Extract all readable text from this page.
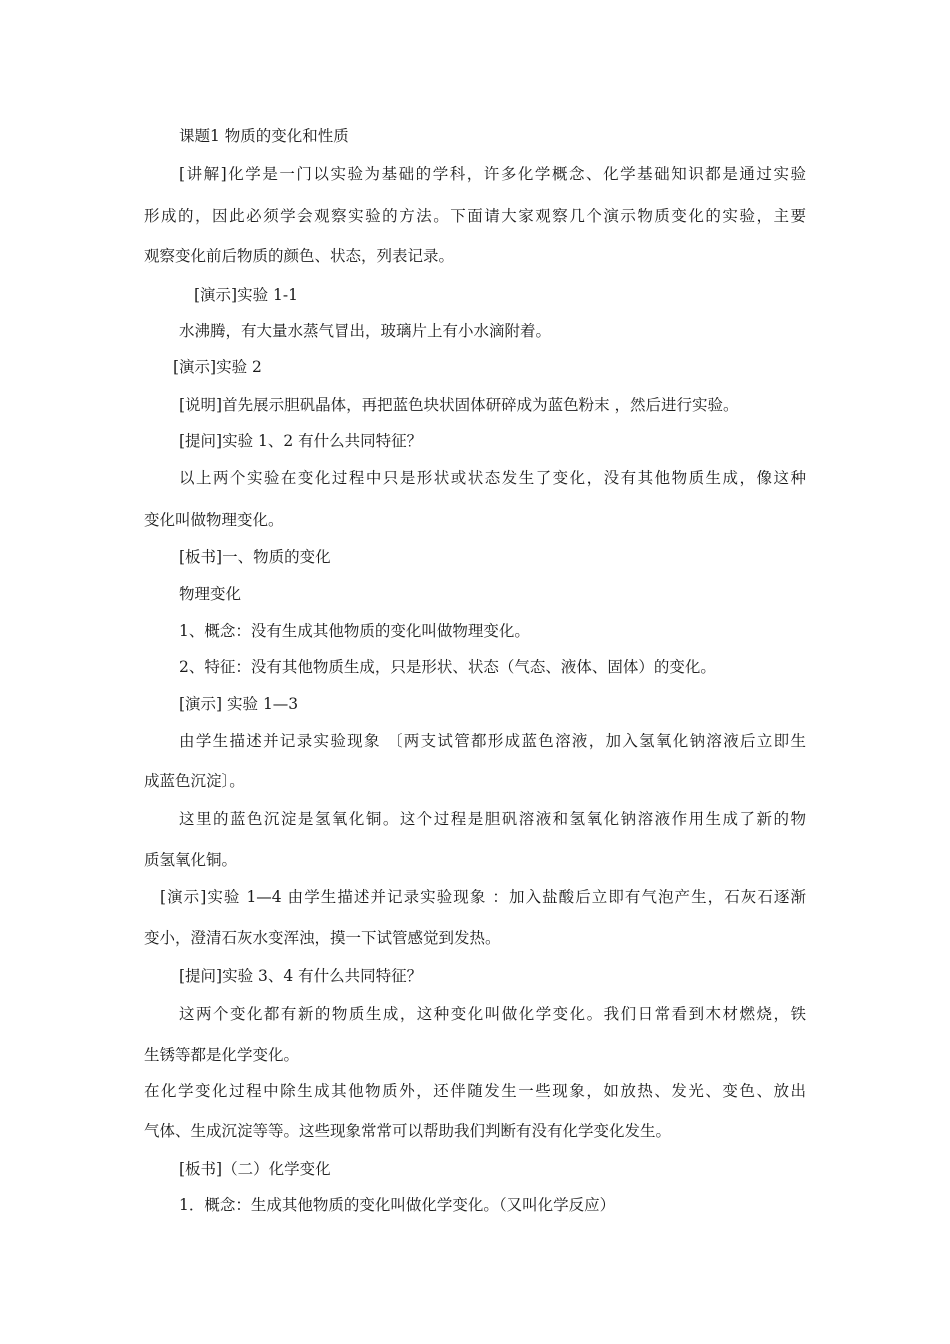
课题1 物质的变化和性质
[讲解]化学是一门以实验为基础的学科，许多化学概念、化学基础知识都是通过实验
形成的，因此必须学会观察实验的方法。下面请大家观察几个演示物质变化的实验，主要
观察变化前后物质的颜色、状态，列表记录。
[演示]实验 1-1
水沸腾，有大量水蒸气冒出，玻璃片上有小水滴附着。
[演示]实验 2
[说明]首先展示胆矾晶体，再把蓝色块状固体研碎成为蓝色粉末 ，然后进行实验。
[提问]实验 1、2 有什么共同特征？
以上两个实验在变化过程中只是形状或状态发生了变化，没有其他物质生成，像这种
变化叫做物理变化。
[板书]一、物质的变化
物理变化
1、概念：没有生成其他物质的变化叫做物理变化。
2、特征：没有其他物质生成，只是形状、状态（气态、液体、固体）的变化。
[演示] 实验 1—3
由学生描述并记录实验现象 〔两支试管都形成蓝色溶液，加入氢氧化钠溶液后立即生
成蓝色沉淀〕。
这里的蓝色沉淀是氢氧化铜。这个过程是胆矾溶液和氢氧化钠溶液作用生成了新的物
质氢氧化铜。
[演示]实验 1—4 由学生描述并记录实验现象 ：加入盐酸后立即有气泡产生，石灰石逐渐
变小，澄清石灰水变浑浊，摸一下试管感觉到发热。
[提问]实验 3、4 有什么共同特征？
这两个变化都有新的物质生成，这种变化叫做化学变化。我们日常看到木材燃烧，铁
生锈等都是化学变化。
在化学变化过程中除生成其他物质外，还伴随发生一些现象，如放热、发光、变色、放出
气体、生成沉淀等等。这些现象常常可以帮助我们判断有没有化学变化发生。
[板书]（二）化学变化
1．概念：生成其他物质的变化叫做化学变化。（又叫化学反应）
